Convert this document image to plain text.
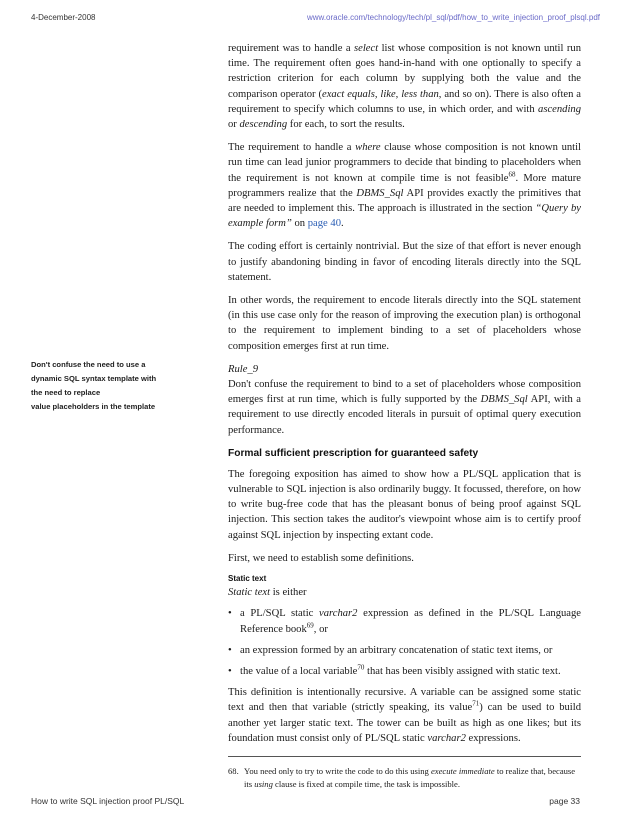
4-December-2008	www.oracle.com/technology/tech/pl_sql/pdf/how_to_write_injection_proof_plsql.pdf
Don't confuse the need to use a
dynamic SQL syntax template with
the need to replace
value placeholders in the template

requirement was to handle a select list whose composition is not known until run time. The requirement often goes hand-in-hand with one optionally to specify a restriction criterion for each column by supplying both the value and the comparison operator (exact equals, like, less than, and so on). There is also often a requirement to specify which columns to use, in which order, and with ascending or descending for each, to sort the results.

The requirement to handle a where clause whose composition is not known until run time can lead junior programmers to decide that binding to placeholders when the requirement is not known at compile time is not feasible$^{68}$. More mature programmers realize that the DBMS_Sql API provides exactly the primitives that are needed to implement this. The approach is illustrated in the section “Query by example form” on page 40.

The coding effort is certainly nontrivial. But the size of that effort is never enough to justify abandoning binding in favor of encoding literals directly into the SQL statement.

In other words, the requirement to encode literals directly into the SQL statement (in this use case only for the reason of improving the execution plan) is orthogonal to the requirement to implement binding to a set of placeholders whose composition emerges first at run time.

Rule_9
Don't confuse the requirement to bind to a set of placeholders whose composition emerges first at run time, which is fully supported by the DBMS_Sql API, with a requirement to use directly encoded literals in pursuit of optimal query execution performance.
Formal sufficient prescription for guaranteed safety

The foregoing exposition has aimed to show how a PL/SQL application that is vulnerable to SQL injection is also ordinarily buggy. It focussed, therefore, on how to write bug-free code that has the pleasant bonus of being proof against SQL injection. This section takes the auditor's viewpoint whose aim is to certify proof against SQL injection by inspecting extant code.

First, we need to establish some definitions.

Static text

Static text is either

• a PL/SQL static varchar2 expression as defined in the PL/SQL Language Reference book$^{69}$, or
• an expression formed by an arbitrary concatenation of static text items, or
• the value of a local variable$^{70}$ that has been visibly assigned with static text.

This definition is intentionally recursive. A variable can be assigned some static text and then that variable (strictly speaking, its value$^{71}$) can be used to build another yet larger static text. The tower can be built as high as one likes; but its foundation must consist only of PL/SQL static varchar2 expressions.

68. You need only to try to write the code to do this using execute immediate to realize that, because its using clause is fixed at compile time, the task is impossible.
How to write SQL injection proof PL/SQL	page 33
